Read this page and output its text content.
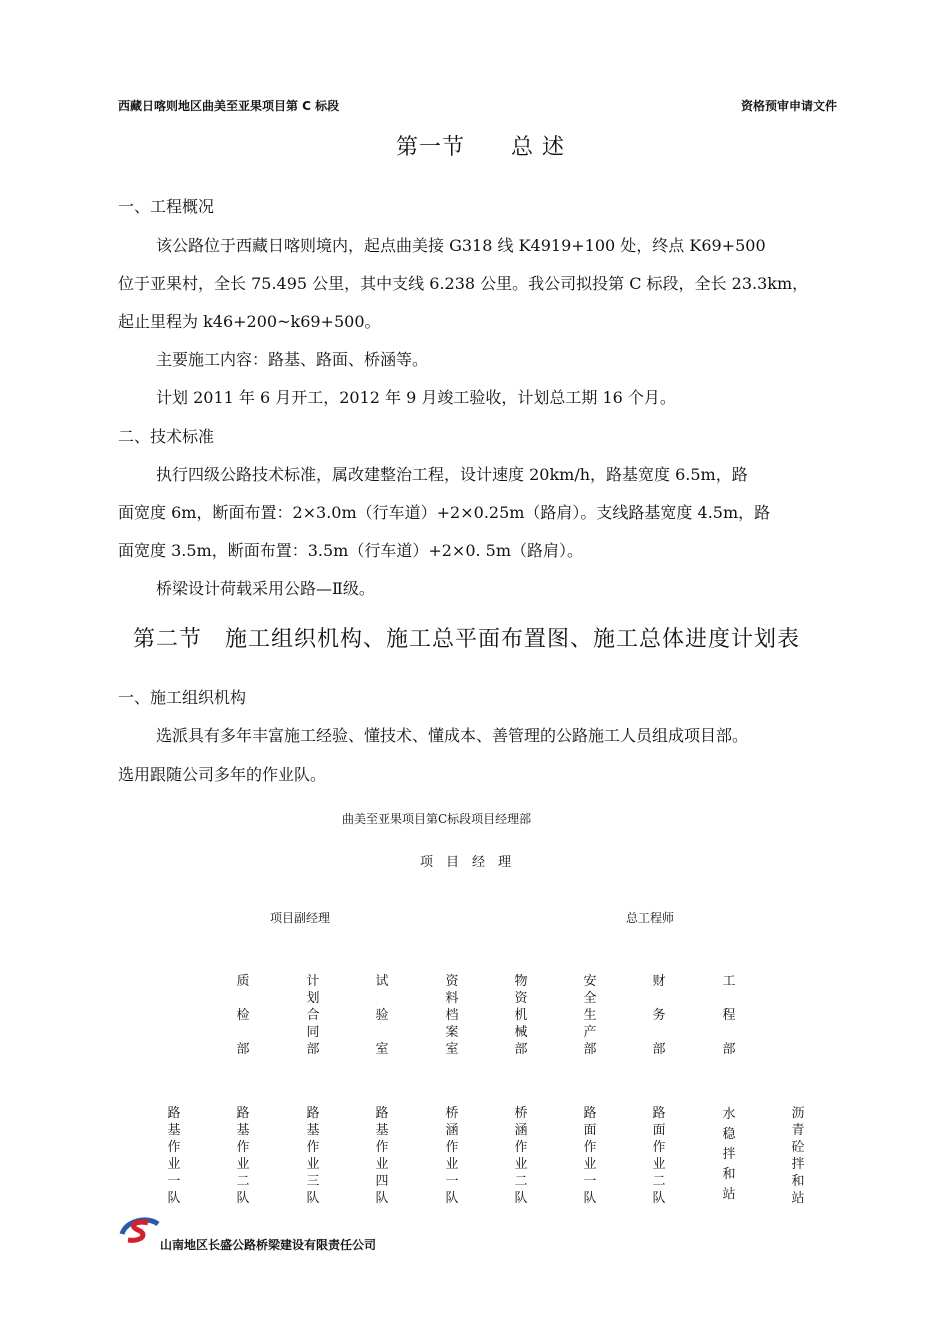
西藏日喀则地区曲美至亚果项目第 C 标段	资格预审申请文件
第一节　　总 述
一、工程概况
该公路位于西藏日喀则境内，起点曲美接 G318 线 K4919+100 处，终点 K69+500
位于亚果村，全长 75.495 公里，其中支线 6.238 公里。我公司拟投第 C 标段，全长 23.3km，
起止里程为 k46+200~k69+500。
主要施工内容：路基、路面、桥涵等。
计划 2011 年 6 月开工，2012 年 9 月竣工验收，计划总工期 16 个月。
二、技术标准
执行四级公路技术标准，属改建整治工程，设计速度 20km/h，路基宽度 6.5m，路
面宽度 6m，断面布置：2×3.0m（行车道）+2×0.25m（路肩）。支线路基宽度 4.5m，路
面宽度 3.5m，断面布置：3.5m（行车道）+2×0. 5m（路肩）。
桥梁设计荷载采用公路—Ⅱ级。
第二节　施工组织机构、施工总平面布置图、施工总体进度计划表
一、施工组织机构
选派具有多年丰富施工经验、懂技术、懂成本、善管理的公路施工人员组成项目部。
选用跟随公司多年的作业队。
曲美至亚果项目第C标段项目经理部
项　目　经　理
项目副经理	总工程师
质

检

部
计
划
合
同
部
试

验

室
资
料
档
案
室
物
资
机
械
部
安
全
生
产
部
财

务

部
工

程

部
路
基
作
业
一
队
路
基
作
业
二
队
路
基
作
业
三
队
路
基
作
业
四
队
桥
涵
作
业
一
队
桥
涵
作
业
二
队
路
面
作
业
一
队
路
面
作
业
二
队
水
稳
拌
和
站
沥
青
砼
拌
和
站
山南地区长盛公路桥梁建设有限责任公司
